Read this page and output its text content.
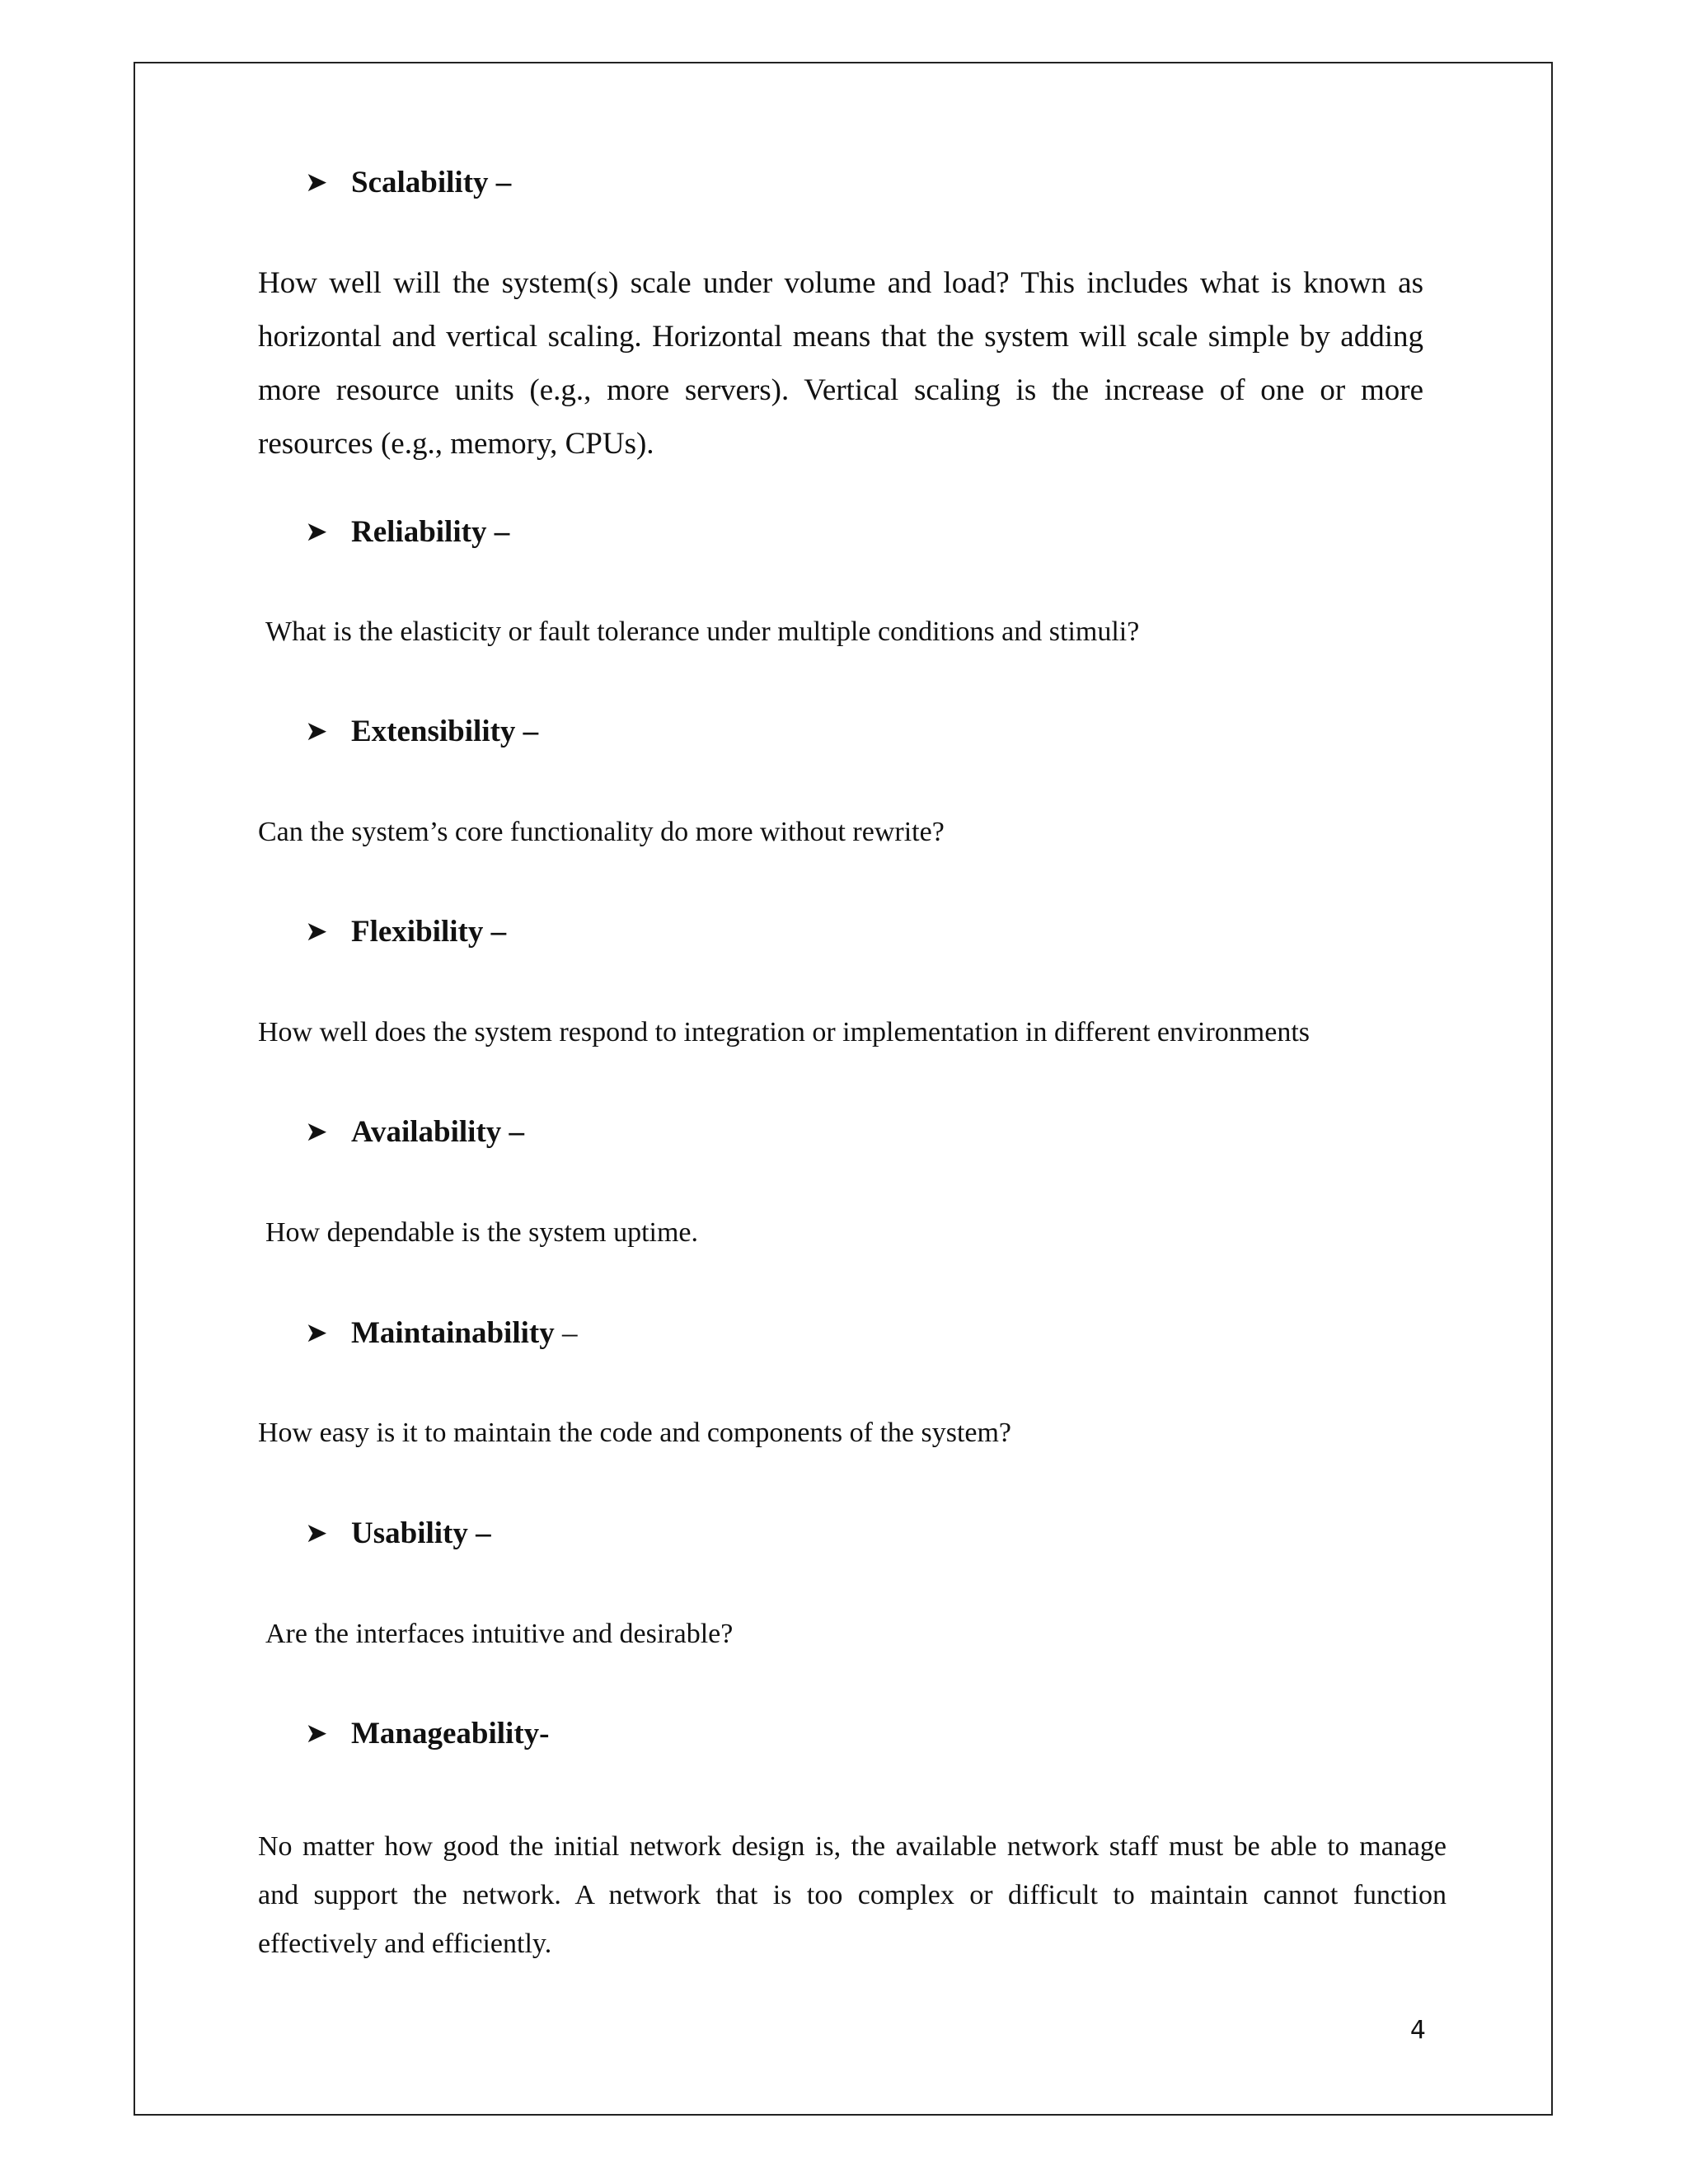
➤ Scalability –
How well will the system(s) scale under volume and load? This includes what is known as
horizontal and vertical scaling. Horizontal means that the system will scale simple by adding
more resource units (e.g., more servers). Vertical scaling is the increase of one or more
resources (e.g., memory, CPUs).
➤ Reliability –

What is the elasticity or fault tolerance under multiple conditions and stimuli?

➤ Extensibility –

Can the system’s core functionality do more without rewrite?

➤ Flexibility –

How well does the system respond to integration or implementation in different environments

➤ Availability –

How dependable is the system uptime.

➤ Maintainability –

How easy is it to maintain the code and components of the system?

➤ Usability –

Are the interfaces intuitive and desirable?

➤ Manageability-
No matter how good the initial network design is, the available network staff must be able to manage
and support the network. A network that is too complex or difficult to maintain cannot function
effectively and efficiently.
4
